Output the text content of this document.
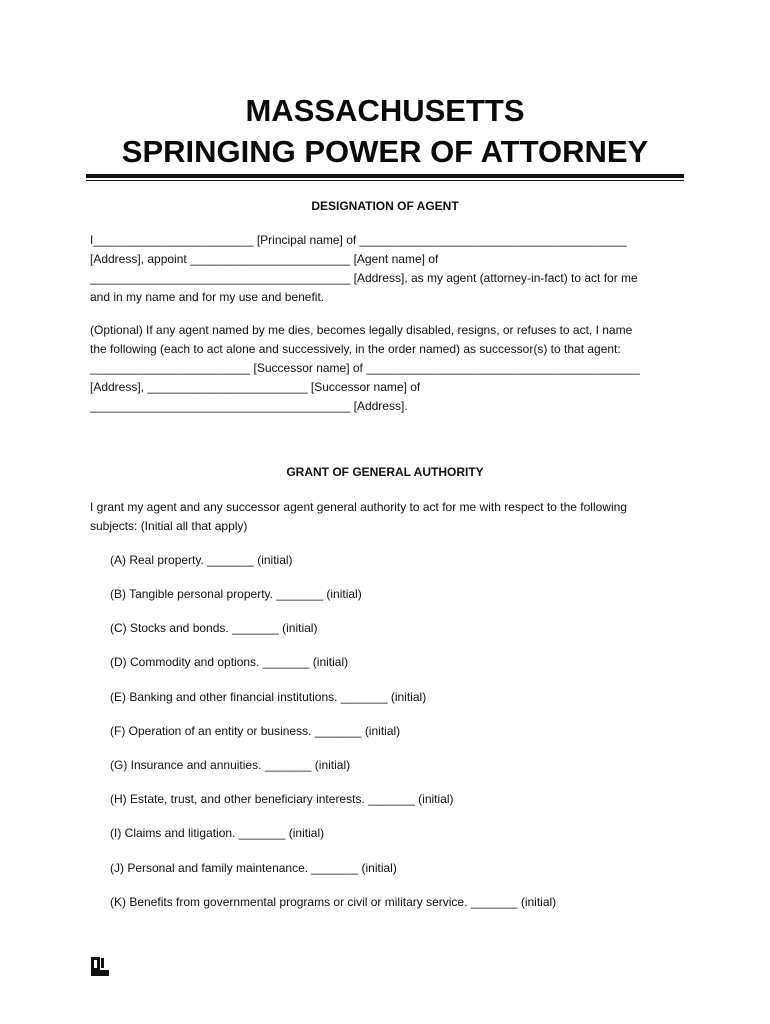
MASSACHUSETTS
SPRINGING POWER OF ATTORNEY
DESIGNATION OF AGENT

I________________________ [Principal name] of ________________________________________

[Address], appoint ________________________ [Agent name] of

_______________________________________ [Address], as my agent (attorney-in-fact) to act for me

and in my name and for my use and benefit.

(Optional) If any agent named by me dies, becomes legally disabled, resigns, or refuses to act, I name

the following (each to act alone and successively, in the order named) as successor(s) to that agent:

________________________ [Successor name] of _________________________________________

[Address], ________________________ [Successor name] of

_______________________________________ [Address].

GRANT OF GENERAL AUTHORITY

I grant my agent and any successor agent general authority to act for me with respect to the following

subjects: (Initial all that apply)

(A) Real property. _______ (initial)

(B) Tangible personal property. _______ (initial)

(C) Stocks and bonds. _______ (initial)

(D) Commodity and options. _______ (initial)

(E) Banking and other financial institutions. _______ (initial)

(F) Operation of an entity or business. _______ (initial)

(G) Insurance and annuities. _______ (initial)

(H) Estate, trust, and other beneficiary interests. _______ (initial)

(I) Claims and litigation. _______ (initial)

(J) Personal and family maintenance. _______ (initial)

(K) Benefits from governmental programs or civil or military service. _______ (initial)
